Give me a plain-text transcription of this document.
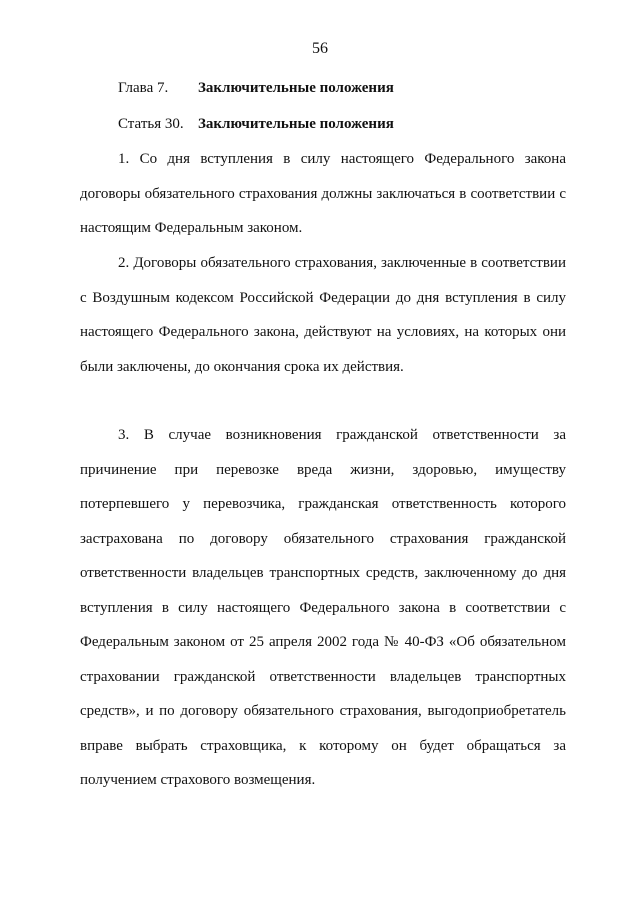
56
Глава 7. Заключительные положения
Статья 30. Заключительные положения

1. Со дня вступления в силу настоящего Федерального закона договоры обязательного страхования должны заключаться в соответствии с настоящим Федеральным законом.

2. Договоры обязательного страхования, заключенные в соответствии с Воздушным кодексом Российской Федерации до дня вступления в силу настоящего Федерального закона, действуют на условиях, на которых они были заключены, до окончания срока их действия.

3. В случае возникновения гражданской ответственности за причинение при перевозке вреда жизни, здоровью, имуществу потерпевшего у перевозчика, гражданская ответственность которого застрахована по договору обязательного страхования гражданской ответственности владельцев транспортных средств, заключенному до дня вступления в силу настоящего Федерального закона в соответствии с Федеральным законом от 25 апреля 2002 года № 40-ФЗ «Об обязательном страховании гражданской ответственности владельцев транспортных средств», и по договору обязательного страхования, выгодоприобретатель вправе выбрать страховщика, к которому он будет обращаться за получением страхового возмещения.
